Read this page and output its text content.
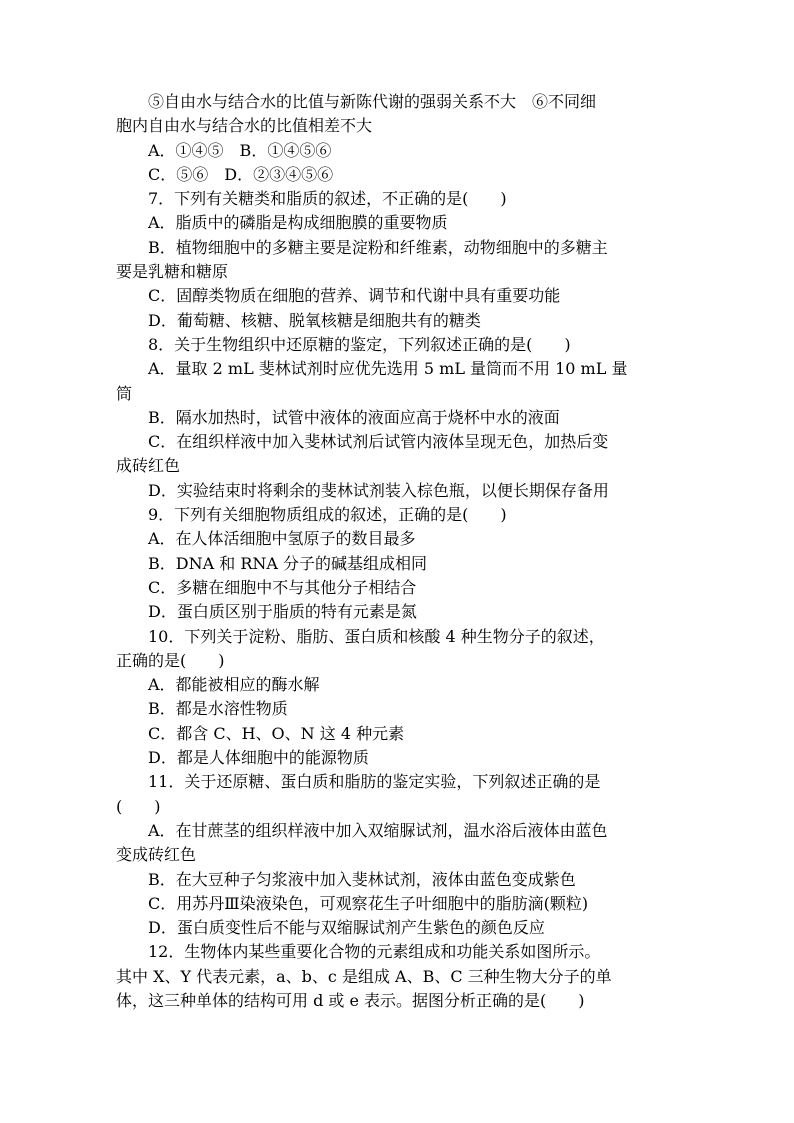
⑤自由水与结合水的比值与新陈代谢的强弱关系不大　⑥不同细
胞内自由水与结合水的比值相差不大
A．①④⑤　B．①④⑤⑥
C．⑤⑥　D．②③④⑤⑥
7．下列有关糖类和脂质的叙述，不正确的是(　　)
A．脂质中的磷脂是构成细胞膜的重要物质
B．植物细胞中的多糖主要是淀粉和纤维素，动物细胞中的多糖主
要是乳糖和糖原
C．固醇类物质在细胞的营养、调节和代谢中具有重要功能
D．葡萄糖、核糖、脱氧核糖是细胞共有的糖类
8．关于生物组织中还原糖的鉴定，下列叙述正确的是(　　)
A．量取 2 mL 斐林试剂时应优先选用 5 mL 量筒而不用 10 mL 量
筒
B．隔水加热时，试管中液体的液面应高于烧杯中水的液面
C．在组织样液中加入斐林试剂后试管内液体呈现无色，加热后变
成砖红色
D．实验结束时将剩余的斐林试剂装入棕色瓶，以便长期保存备用
9．下列有关细胞物质组成的叙述，正确的是(　　)
A．在人体活细胞中氢原子的数目最多
B．DNA 和 RNA 分子的碱基组成相同
C．多糖在细胞中不与其他分子相结合
D．蛋白质区别于脂质的特有元素是氮
10．下列关于淀粉、脂肪、蛋白质和核酸 4 种生物分子的叙述，
正确的是(　　)
A．都能被相应的酶水解
B．都是水溶性物质
C．都含 C、H、O、N 这 4 种元素
D．都是人体细胞中的能源物质
11．关于还原糖、蛋白质和脂肪的鉴定实验，下列叙述正确的是
(　　)
A．在甘蔗茎的组织样液中加入双缩脲试剂，温水浴后液体由蓝色
变成砖红色
B．在大豆种子匀浆液中加入斐林试剂，液体由蓝色变成紫色
C．用苏丹Ⅲ染液染色，可观察花生子叶细胞中的脂肪滴(颗粒)
D．蛋白质变性后不能与双缩脲试剂产生紫色的颜色反应
12．生物体内某些重要化合物的元素组成和功能关系如图所示。
其中 X、Y 代表元素，a、b、c 是组成 A、B、C 三种生物大分子的单
体，这三种单体的结构可用 d 或 e 表示。据图分析正确的是(　　)
